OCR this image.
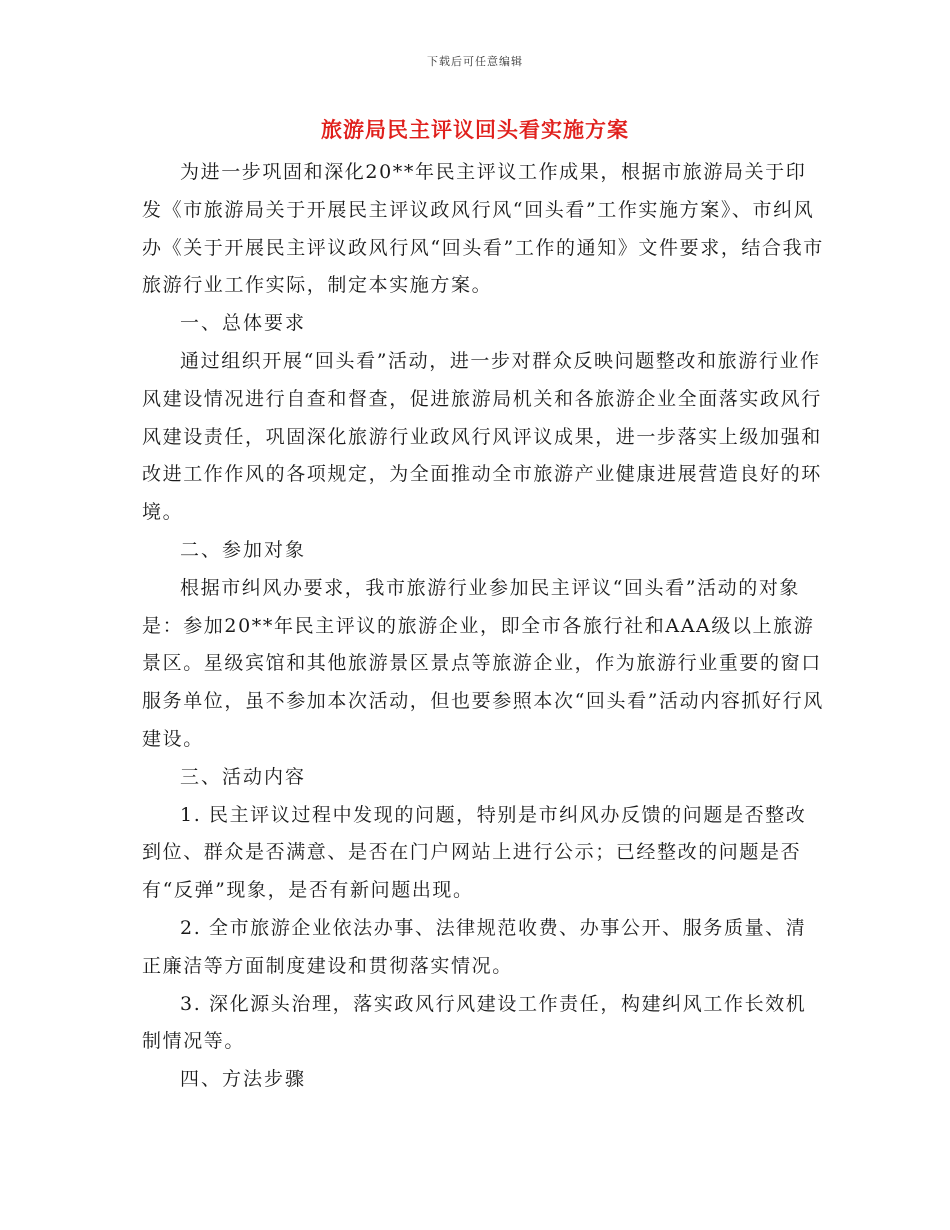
下载后可任意编辑
旅游局民主评议回头看实施方案

为进一步巩固和深化20**年民主评议工作成果，根据市旅游局关于印发《市旅游局关于开展民主评议政风行风“回头看”工作实施方案》、市纠风办《关于开展民主评议政风行风“回头看”工作的通知》文件要求，结合我市旅游行业工作实际，制定本实施方案。

一、总体要求

通过组织开展“回头看”活动，进一步对群众反映问题整改和旅游行业作风建设情况进行自查和督查，促进旅游局机关和各旅游企业全面落实政风行风建设责任，巩固深化旅游行业政风行风评议成果，进一步落实上级加强和改进工作作风的各项规定，为全面推动全市旅游产业健康进展营造良好的环境。

二、参加对象

根据市纠风办要求，我市旅游行业参加民主评议“回头看”活动的对象是：参加20**年民主评议的旅游企业，即全市各旅行社和AAA级以上旅游景区。星级宾馆和其他旅游景区景点等旅游企业，作为旅游行业重要的窗口服务单位，虽不参加本次活动，但也要参照本次“回头看”活动内容抓好行风建设。

三、活动内容

1. 民主评议过程中发现的问题，特别是市纠风办反馈的问题是否整改到位、群众是否满意、是否在门户网站上进行公示；已经整改的问题是否有“反弹”现象，是否有新问题出现。

2. 全市旅游企业依法办事、法律规范收费、办事公开、服务质量、清正廉洁等方面制度建设和贯彻落实情况。

3. 深化源头治理，落实政风行风建设工作责任，构建纠风工作长效机制情况等。

四、方法步骤
